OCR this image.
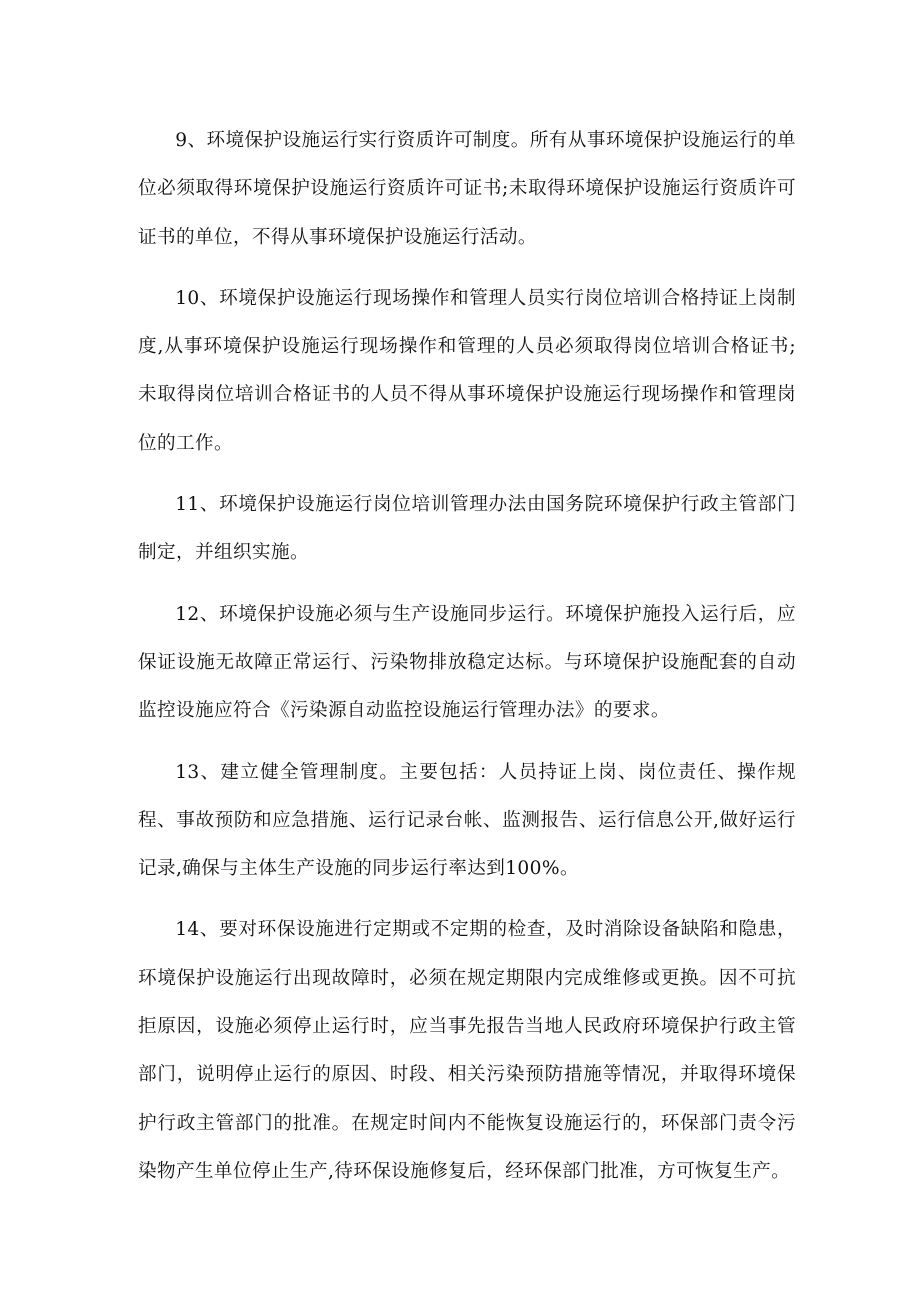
9、环境保护设施运行实行资质许可制度。所有从事环境保护设施运行的单位必须取得环境保护设施运行资质许可证书;未取得环境保护设施运行资质许可证书的单位，不得从事环境保护设施运行活动。

10、环境保护设施运行现场操作和管理人员实行岗位培训合格持证上岗制度,从事环境保护设施运行现场操作和管理的人员必须取得岗位培训合格证书;未取得岗位培训合格证书的人员不得从事环境保护设施运行现场操作和管理岗位的工作。

11、环境保护设施运行岗位培训管理办法由国务院环境保护行政主管部门制定，并组织实施。

12、环境保护设施必须与生产设施同步运行。环境保护施投入运行后，应保证设施无故障正常运行、污染物排放稳定达标。与环境保护设施配套的自动监控设施应符合《污染源自动监控设施运行管理办法》的要求。

13、建立健全管理制度。主要包括：人员持证上岗、岗位责任、操作规程、事故预防和应急措施、运行记录台帐、监测报告、运行信息公开,做好运行记录,确保与主体生产设施的同步运行率达到100%。

14、要对环保设施进行定期或不定期的检查，及时消除设备缺陷和隐患，环境保护设施运行出现故障时，必须在规定期限内完成维修或更换。因不可抗拒原因，设施必须停止运行时，应当事先报告当地人民政府环境保护行政主管部门，说明停止运行的原因、时段、相关污染预防措施等情况，并取得环境保护行政主管部门的批准。在规定时间内不能恢复设施运行的，环保部门责令污染物产生单位停止生产,待环保设施修复后，经环保部门批准，方可恢复生产。
